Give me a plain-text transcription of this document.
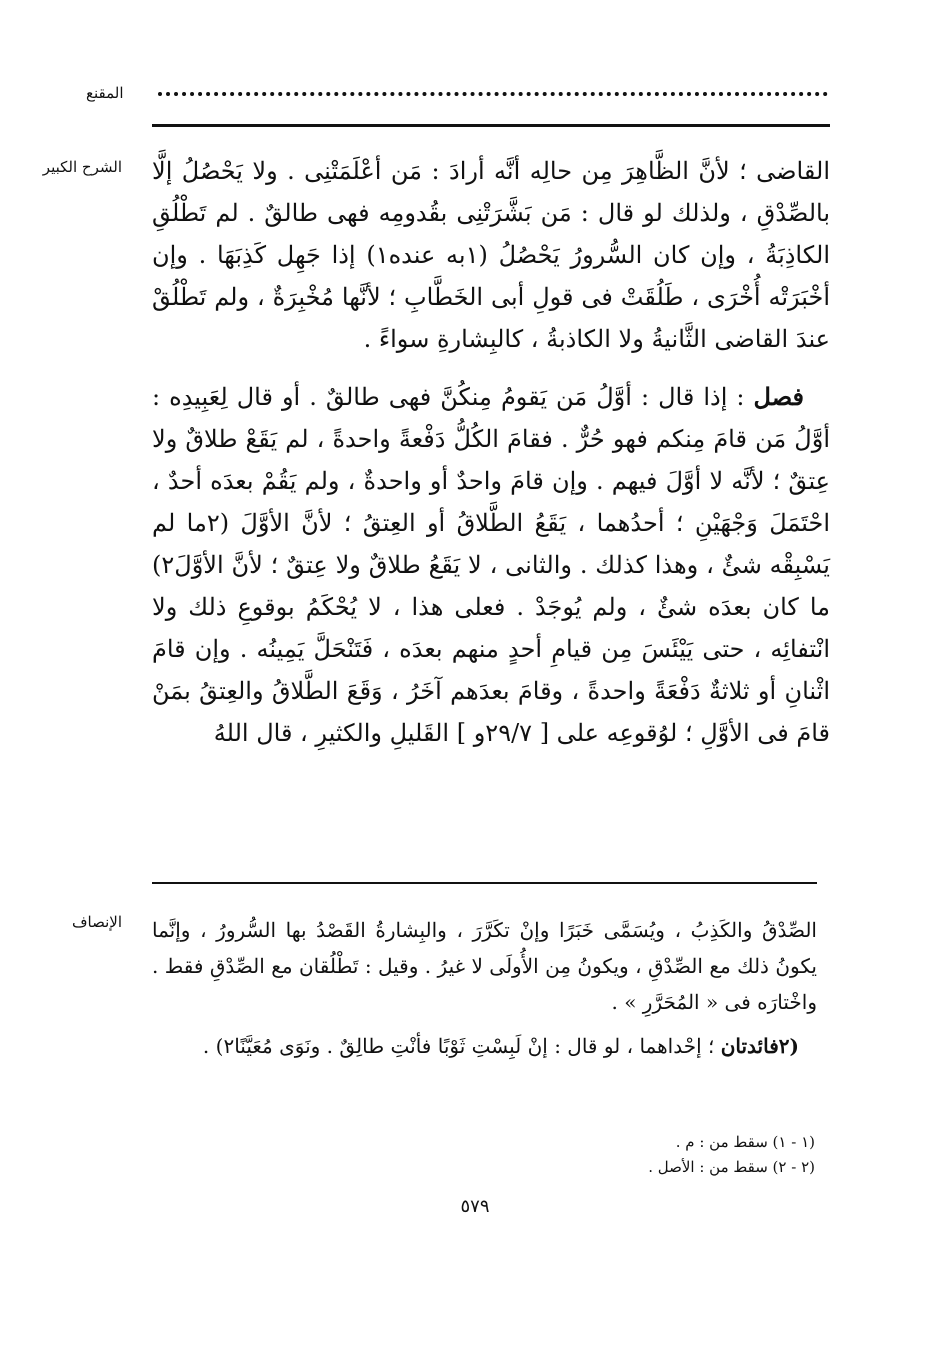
المقنع
الشرح الكبير القاضى ؛ لأنَّ الظَّاهِرَ مِن حالِه أنَّه أرادَ : مَن أعْلَمَتْنِى . ولا يَحْصُلُ إلَّا بالصِّدْقِ ، ولذلك لو قال : مَن بَشَّرَتْنِى بقُدومِه فهى طالقٌ . لم تَطْلُقِ الكاذِبَةُ ، وإن كان السُّرورُ يَحْصُلُ (١به عنده١) إذا جَهِل كَذِبَهَا . وإن أخْبَرَتْه أُخْرَى ، طَلُقَتْ فى قولِ أبى الخَطَّابِ ؛ لأنَّها مُخْبِرَةٌ ، ولم تَطْلُقْ عندَ القاضى الثَّانيةُ ولا الكاذبةُ ، كالبِشارةِ سواءً .

فصل : إذا قال : أوَّلُ مَن يَقومُ مِنكُنَّ فهى طالقٌ . أو قال لِعَبِيدِه : أوَّلُ مَن قامَ مِنكم فهو حُرٌّ . فقامَ الكُلُّ دَفْعةً واحدةً ، لم يَقَعْ طلاقٌ ولا عِتقٌ ؛ لأنَّه لا أوَّلَ فيهم . وإن قامَ واحدٌ أو واحدةٌ ، ولم يَقُمْ بعدَه أحدٌ ، احْتَمَلَ وَجْهَيْنِ ؛ أحدُهما ، يَقَعُ الطَّلاقُ أو العِتقُ ؛ لأنَّ الأوَّلَ (٢ما لم يَسْبِقْه شئٌ ، وهذا كذلك . والثانى ، لا يَقَعُ طلاقٌ ولا عِتقٌ ؛ لأنَّ الأوَّلَ٢) ما كان بعدَه شئٌ ، ولم يُوجَدْ . فعلى هذا ، لا يُحْكَمُ بوقوعِ ذلك ولا انْتفائِه ، حتى يَيْئَسَ مِن قيامِ أحدٍ منهم بعدَه ، فَتَنْحَلَّ يَمِينُه . وإن قامَ اثْنانِ أو ثلاثةٌ دَفْعَةً واحدةً ، وقامَ بعدَهم آخَرُ ، وَقَعَ الطَّلاقُ والعِتقُ بمَنْ قامَ فى الأوَّلِ ؛ لوُقوعِه على [ ٢٩/٧و ] القَليلِ والكثيرِ ، قال اللهُ

الإنصاف الصِّدْقُ والكَذِبُ ، ويُسَمَّى خَبَرًا وإنْ تكَرَّرَ ، والبِشارةُ القَصْدُ بها السُّرورُ ، وإنَّما يكونُ ذلك مع الصِّدْقِ ، ويكونُ مِن الأُولَى لا غيرُ . وقيل : تَطْلُقان مع الصِّدْقِ فقط . واخْتارَه فى « المُحَرَّرِ » .

(٢فائدتان ؛ إحْداهما ، لو قال : إنْ لَبِسْتِ ثَوْبًا فأنْتِ طالِقٌ . ونَوَى مُعَيَّنًا٢) .

(١ - ١) سقط من : م .

(٢ - ٢) سقط من : الأصل .

٥٧٩
